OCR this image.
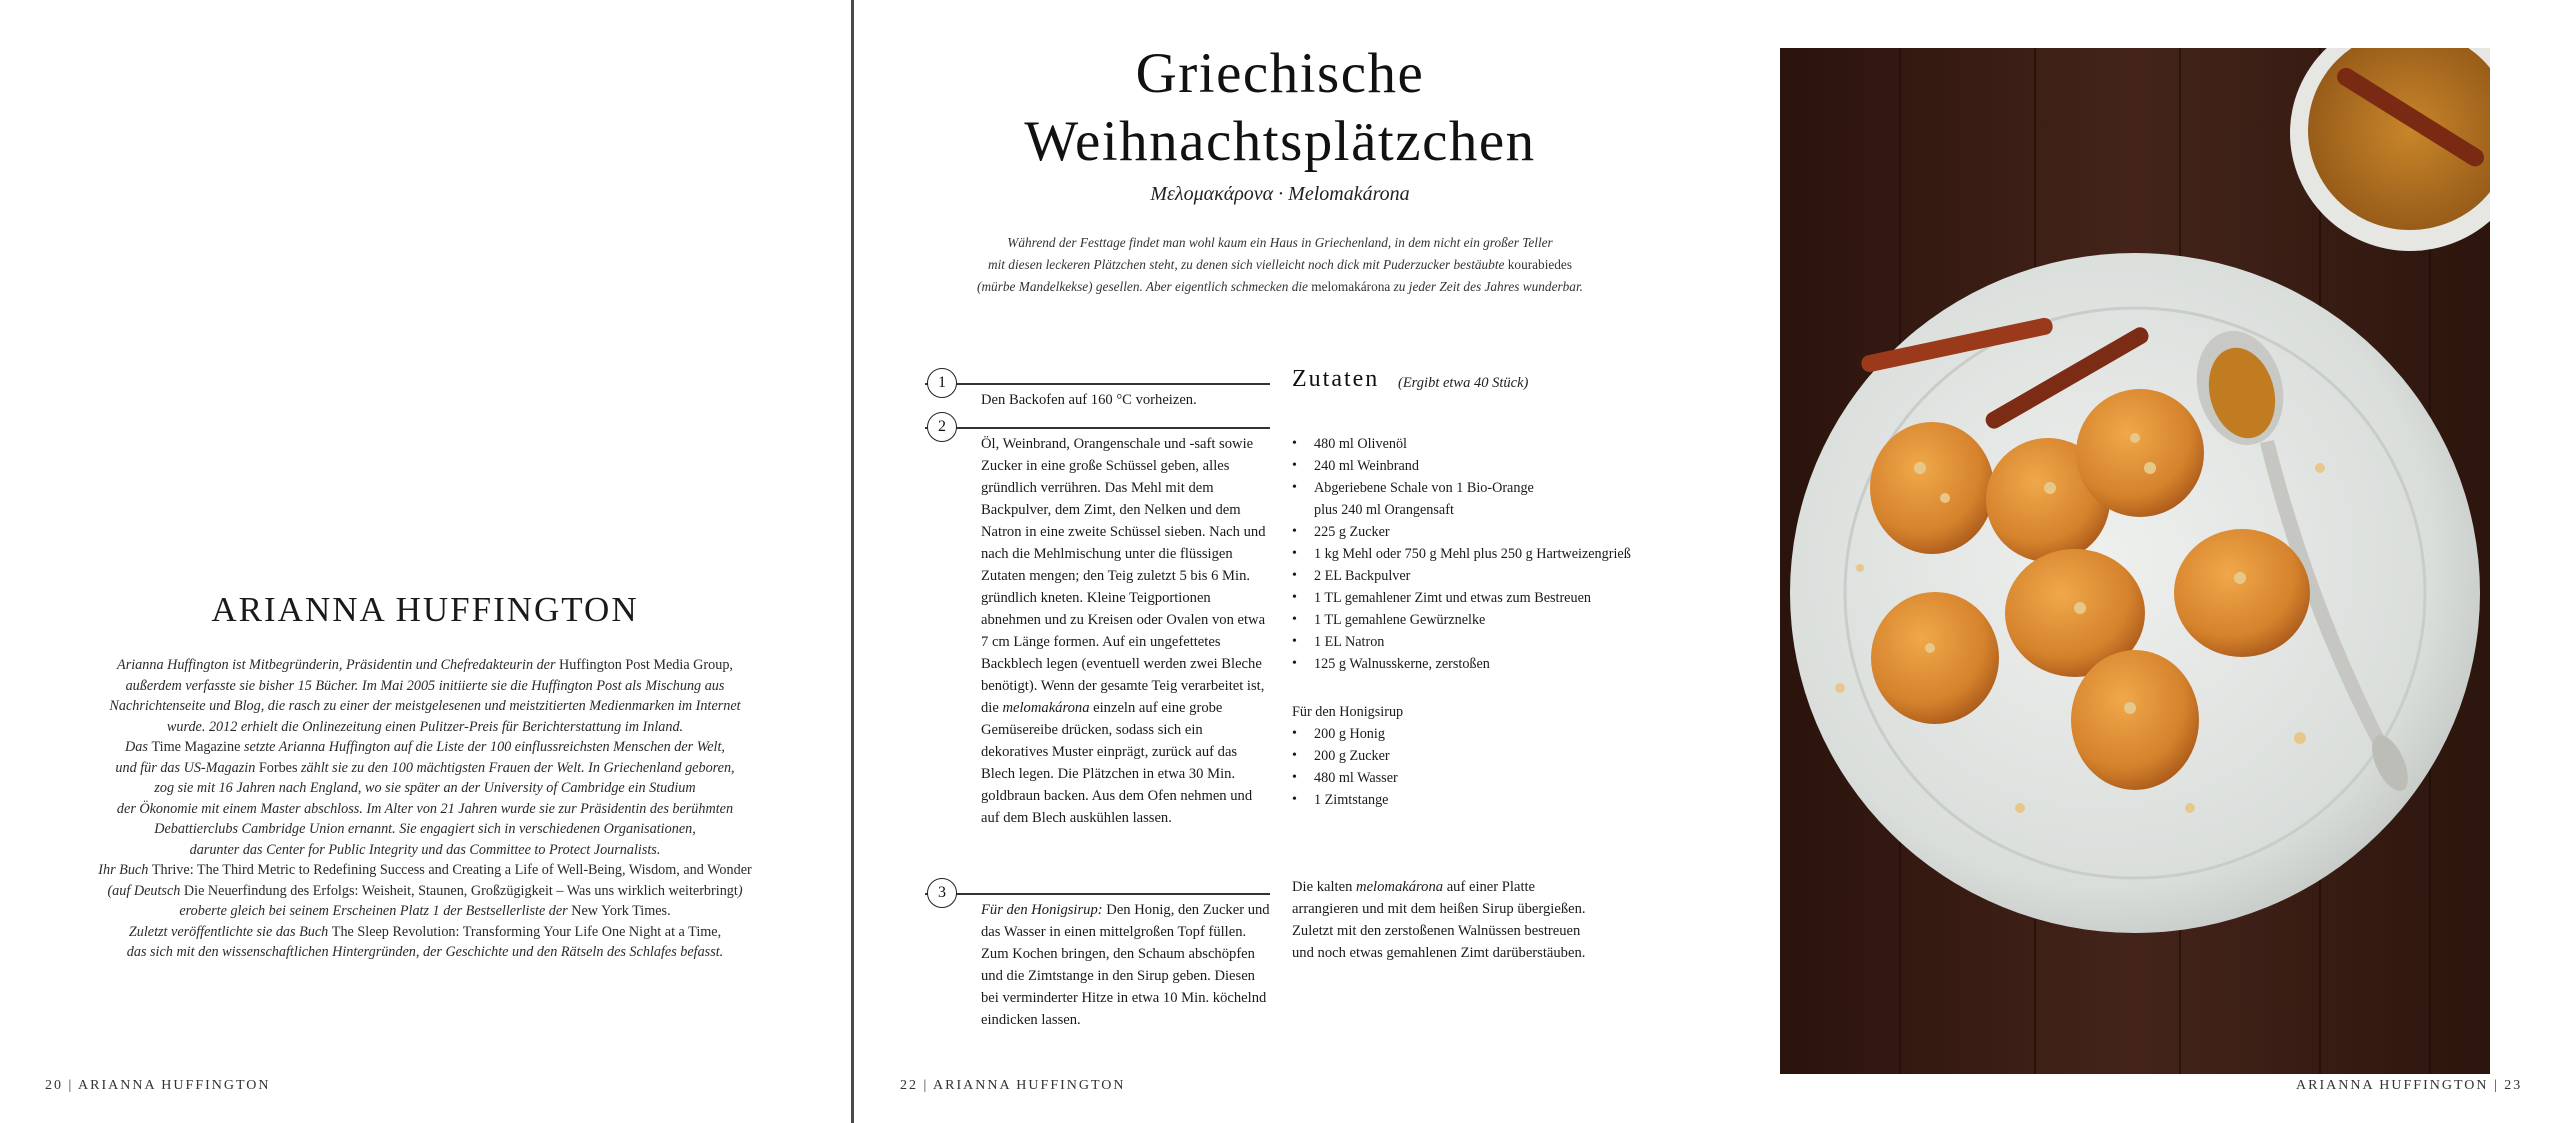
ARIANNA HUFFINGTON
Arianna Huffington ist Mitbegründerin, Präsidentin und Chefredakteurin der Huffington Post Media Group,
außerdem verfasste sie bisher 15 Bücher. Im Mai 2005 initiierte sie die Huffington Post als Mischung aus
Nachrichtenseite und Blog, die rasch zu einer der meistgelesenen und meistzitierten Medienmarken im Internet
wurde. 2012 erhielt die Onlinezeitung einen Pulitzer-Preis für Berichterstattung im Inland.
Das Time Magazine setzte Arianna Huffington auf die Liste der 100 einflussreichsten Menschen der Welt,
und für das US-Magazin Forbes zählt sie zu den 100 mächtigsten Frauen der Welt. In Griechenland geboren,
zog sie mit 16 Jahren nach England, wo sie später an der University of Cambridge ein Studium
der Ökonomie mit einem Master abschloss. Im Alter von 21 Jahren wurde sie zur Präsidentin des berühmten
Debattierclubs Cambridge Union ernannt. Sie engagiert sich in verschiedenen Organisationen,
darunter das Center for Public Integrity und das Committee to Protect Journalists.
Ihr Buch Thrive: The Third Metric to Redefining Success and Creating a Life of Well-Being, Wisdom, and Wonder
(auf Deutsch Die Neuerfindung des Erfolgs: Weisheit, Staunen, Großzügigkeit – Was uns wirklich weiterbringt)
eroberte gleich bei seinem Erscheinen Platz 1 der Bestsellerliste der New York Times.
Zuletzt veröffentlichte sie das Buch The Sleep Revolution: Transforming Your Life One Night at a Time,
das sich mit den wissenschaftlichen Hintergründen, der Geschichte und den Rätseln des Schlafes befasst.
20 | ARIANNA HUFFINGTON
Griechische
Weihnachtsplätzchen
Μελομακάρονα · Melomakárona
Während der Festtage findet man wohl kaum ein Haus in Griechenland, in dem nicht ein großer Teller
mit diesen leckeren Plätzchen steht, zu denen sich vielleicht noch dick mit Puderzucker bestäubte kourabiedes
(mürbe Mandelkekse) gesellen. Aber eigentlich schmecken die melomakárona zu jeder Zeit des Jahres wunderbar.
1
Den Backofen auf 160 °C vorheizen.
2
Öl, Weinbrand, Orangenschale und -saft sowie Zucker in eine große Schüssel geben, alles gründlich verrühren. Das Mehl mit dem Backpulver, dem Zimt, den Nelken und dem Natron in eine zweite Schüssel sieben. Nach und nach die Mehlmischung unter die flüssigen Zutaten mengen; den Teig zuletzt 5 bis 6 Min. gründlich kneten. Kleine Teigportionen abnehmen und zu Kreisen oder Ovalen von etwa 7 cm Länge formen. Auf ein ungefettetes Backblech legen (eventuell werden zwei Bleche benötigt). Wenn der gesamte Teig verarbeitet ist, die melomakárona einzeln auf eine grobe Gemüsereibe drücken, sodass sich ein dekoratives Muster einprägt, zurück auf das Blech legen. Die Plätzchen in etwa 30 Min. goldbraun backen. Aus dem Ofen nehmen und auf dem Blech auskühlen lassen.
3
Für den Honigsirup: Den Honig, den Zucker und das Wasser in einen mittelgroßen Topf füllen. Zum Kochen bringen, den Schaum abschöpfen und die Zimtstange in den Sirup geben. Diesen bei verminderter Hitze in etwa 10 Min. köchelnd eindicken lassen.
Zutaten (Ergibt etwa 40 Stück)
• 480 ml Olivenöl
• 240 ml Weinbrand
• Abgeriebene Schale von 1 Bio-Orange
plus 240 ml Orangensaft
• 225 g Zucker
• 1 kg Mehl oder 750 g Mehl plus 250 g Hartweizengrieß
• 2 EL Backpulver
• 1 TL gemahlener Zimt und etwas zum Bestreuen
• 1 TL gemahlene Gewürznelke
• 1 EL Natron
• 125 g Walnusskerne, zerstoßen
Für den Honigsirup
• 200 g Honig
• 200 g Zucker
• 480 ml Wasser
• 1 Zimtstange
Die kalten melomakárona auf einer Platte arrangieren und mit dem heißen Sirup übergießen. Zuletzt mit den zerstoßenen Walnüssen bestreuen und noch etwas gemahlenen Zimt darüberstäuben.
22 | ARIANNA HUFFINGTON	ARIANNA HUFFINGTON | 23
